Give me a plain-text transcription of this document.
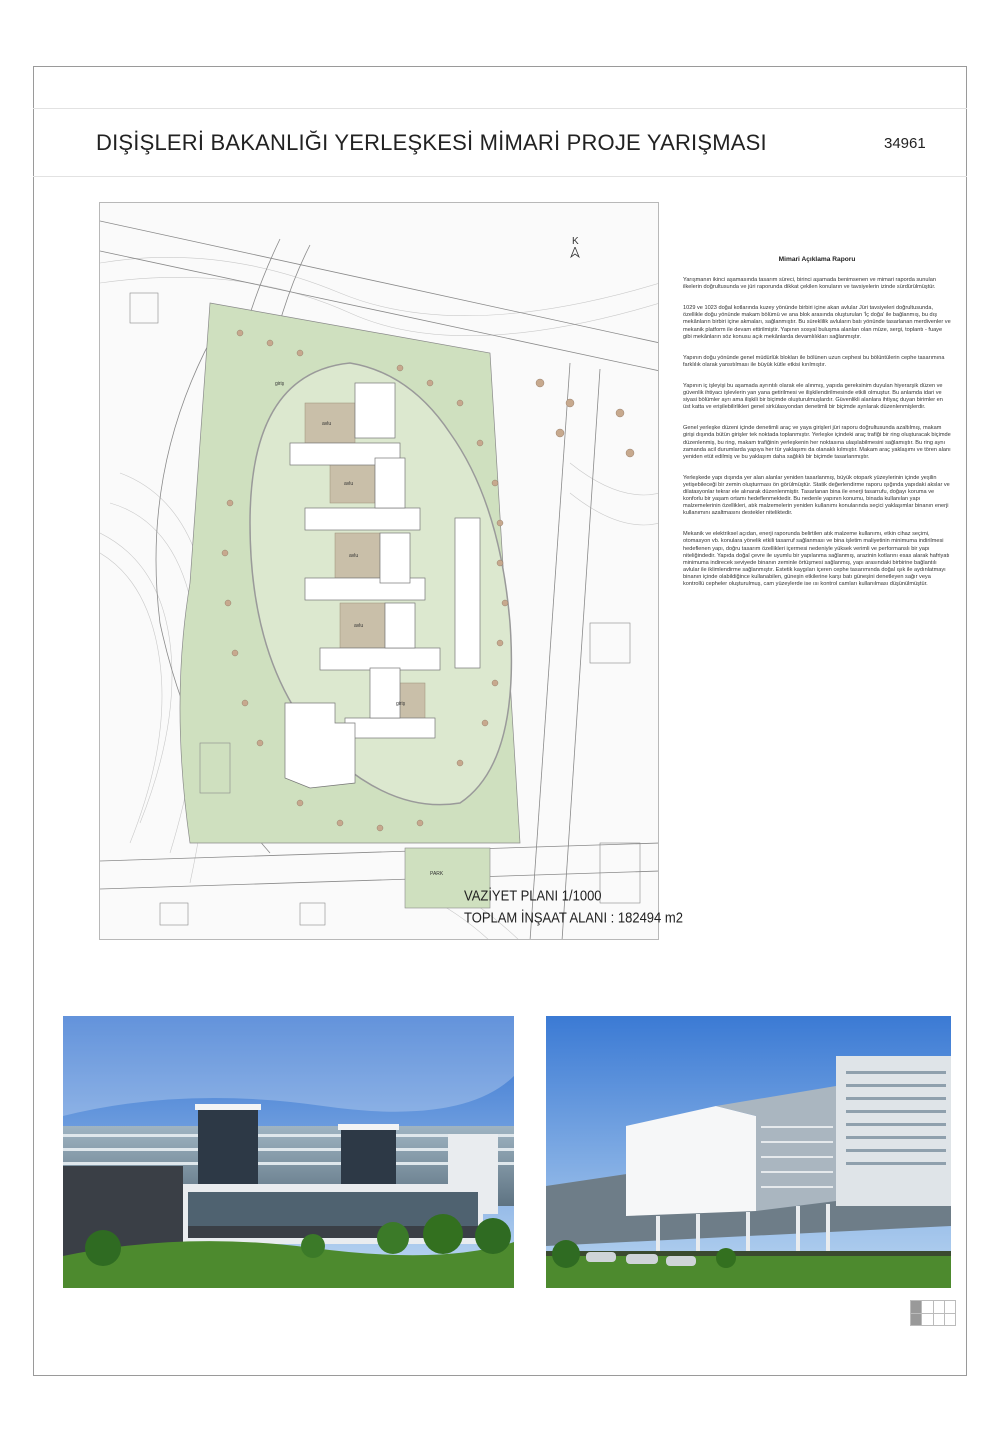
DIŞİŞLERİ BAKANLIĞI YERLEŞKESİ MİMARİ PROJE YARIŞMASI	34961
avlu
avlu
avlu
avlu
giriş
giriş
PARK
K
VAZİYET PLANI 1/1000
TOPLAM İNŞAAT ALANI : 182494 m2
Mimari Açıklama Raporu

Yarışmanın ikinci aşamasında tasarım süreci, birinci aşamada benimsenen ve mimari raporda sunulan ilkelerin doğrultusunda ve jüri raporunda dikkat çekilen konuların ve tavsiyelerin izinde sürdürülmüştür.

1029 ve 1023 doğal kotlarında kuzey yönünde birbiri içine akan avlular Jüri tavsiyeleri doğrultusunda, özellikle doğu yönünde makam bölümü ve ana blok arasında oluşturulan 'İç doğa' ile bağlanmış, bu dış mekânların birbiri içine akmaları, sağlanmıştır. Bu süreklilik avluların batı yönünde tasarlanan merdivenler ve mekanik platform ile devam ettirilmiştir. Yapının sosyal buluşma alanları olan müze, sergi, toplantı - fuaye gibi mekânların söz konusu açık mekânlarda devamlılıkları sağlanmıştır.

Yapının doğu yönünde genel müdürlük blokları ile bölünen uzun cephesi bu bölüntülerin cephe tasarımına farklılık olarak yansıtılması ile büyük kütle etkisi kırılmıştır.

Yapının iç işleyişi bu aşamada ayrıntılı olarak ele alınmış, yapıda gereksinim duyulan hiyerarşik düzen ve güvenlik ihtiyacı işlevlerin yan yana getirilmesi ve ilişkilendirilmesinde etkili olmuştur. Bu anlamda idari ve siyasi bölümler ayrı ama ilişkili bir biçimde oluşturulmuşlardır. Güvenlikli alanlara ihtiyaç duyan birimler en üst katta ve erişilebilirlikleri genel sirkülasyondan denetimli bir biçimde ayrılarak düzenlenmişlerdir.

Genel yerleşke düzeni içinde denetimli araç ve yaya girişleri jüri raporu doğrultusunda azaltılmış, makam girişi dışında bütün girişler tek noktada toplanmıştır. Yerleşke içindeki araç trafiği bir ring oluşturacak biçimde düzenlenmiş, bu ring, makam trafiğinin yerleşkenin her noktasına ulaşılabilmesini sağlamıştır. Bu ring aynı zamanda acil durumlarda yapıya her tür yaklaşımı da olanaklı kılmıştır. Makam araç yaklaşımı ve tören alanı yeniden etüt edilmiş ve bu yaklaşım daha sağlıklı bir biçimde tasarlanmıştır.

Yerleşkede yapı dışında yer alan alanlar yeniden tasarlanmış, büyük otopark yüzeylerinin içinde yeşilin yetişebileceği bir zemin oluşturması ön görülmüştür. Statik değerlendirme raporu ışığında yapıdaki akslar ve dilatasyonlar tekrar ele alınarak düzenlenmiştir. Tasarlanan bina ile enerji tasarrufu, doğayı koruma ve konforlu bir yaşam ortamı hedeflenmektedir. Bu nedenle yapının konumu, binada kullanılan yapı malzemelerinin özellikleri, atık malzemelerin yeniden kullanımı konularında seçici yaklaşımlar binanın enerji kullanımını azaltmasını destekler niteliktedir.

Mekanik ve elektriksel açıdan, enerji raporunda belirtilen atık malzeme kullanımı, etkin cihaz seçimi, otomasyon vb. konulara yönelik etkili tasarruf sağlanması ve bina işletim maliyetinin minimuma indirilmesi hedeflenen yapı, doğru tasarım özellikleri içermesi nedeniyle yüksek verimli ve performanslı bir yapı niteliğindedir. Yapıda doğal çevre ile uyumlu bir yapılanma sağlanmış, arazinin kotlarını esas alarak hafriyatı minimuma indirecek seviyede binanın zeminle örtüşmesi sağlanmış, yapı arasındaki birbirine bağlantılı avlular ile iklimlendirme sağlanmıştır. Estetik kaygıları içeren cephe tasarımında doğal ışık ile aydınlatmayı binanın içinde olabildiğince kullanabilen, güneşin etkilerine karşı batı güneşini denetleyen sağır veya kontrollü cepheler oluşturulmuş, cam yüzeylerde ise ısı kontrol camları kullanılması düşünülmüştür.
